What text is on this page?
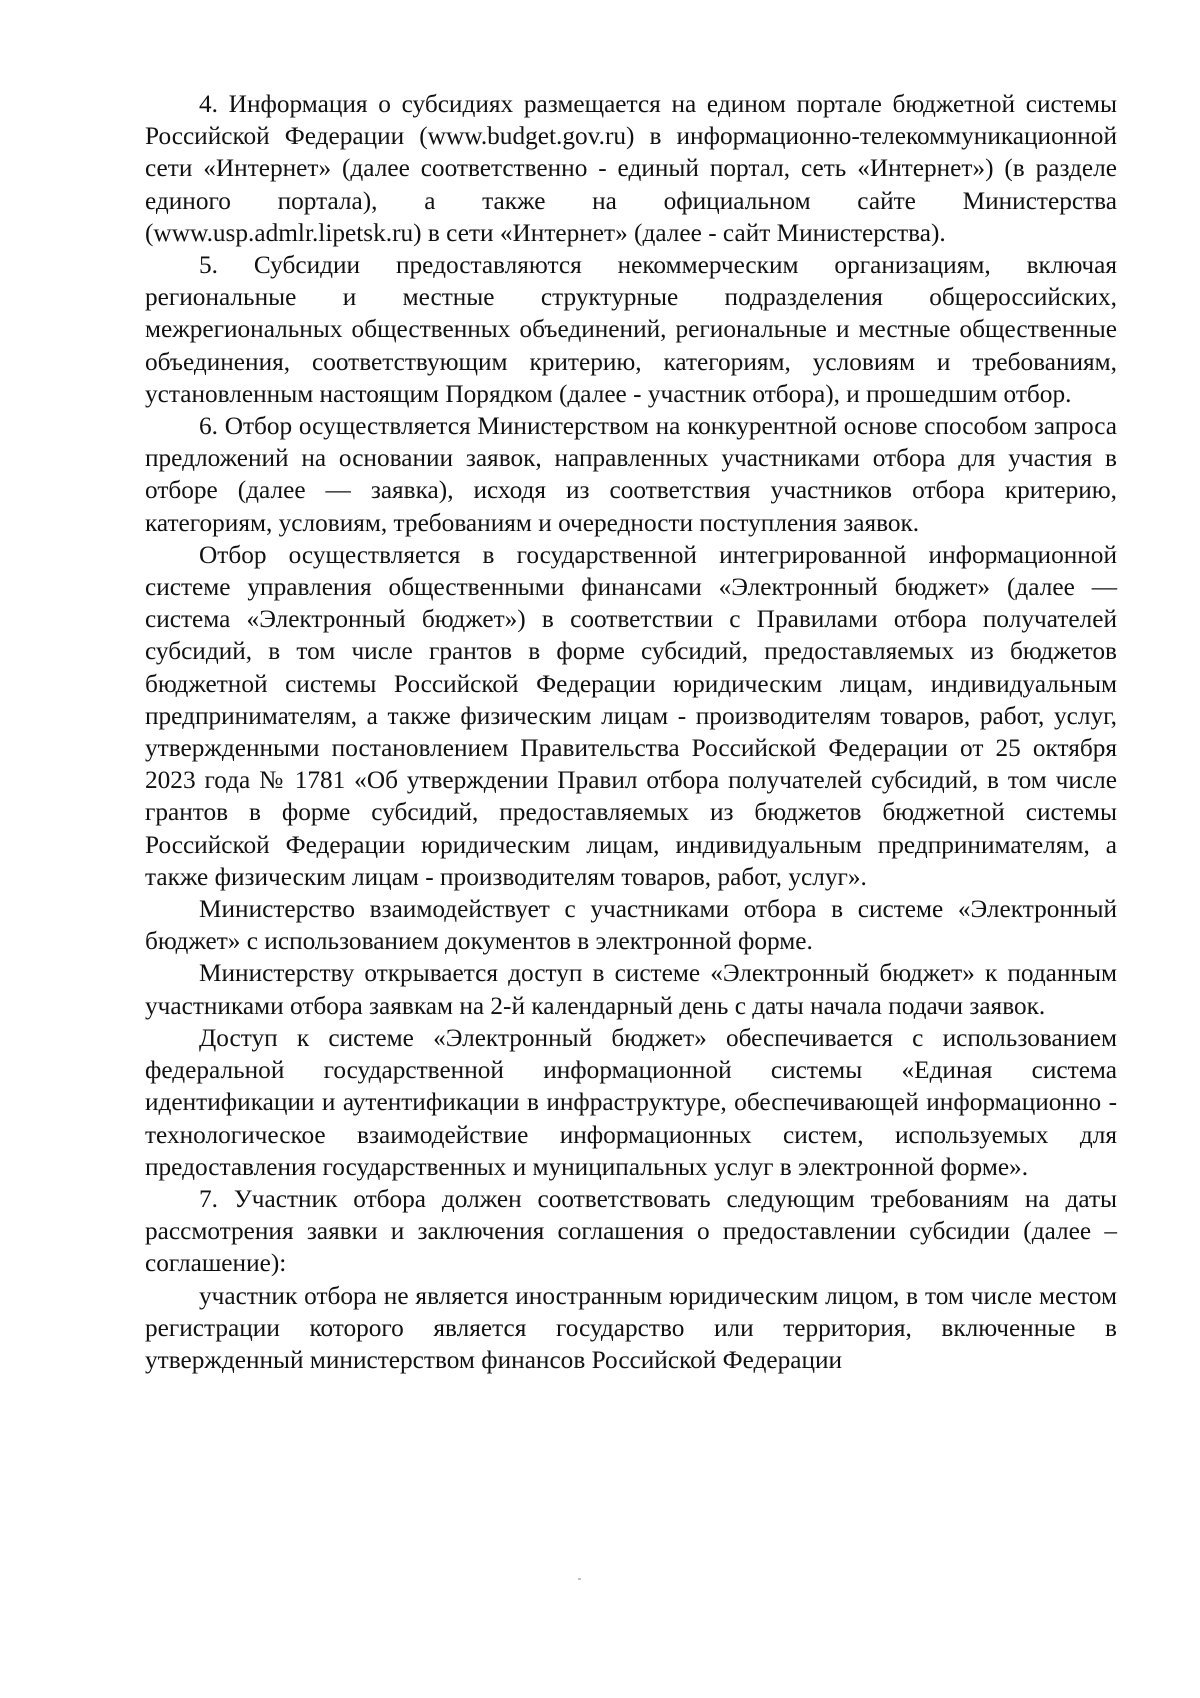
4. Информация о субсидиях размещается на едином портале бюджетной системы Российской Федерации (www.budget.gov.ru) в информационно-телекоммуникационной сети «Интернет» (далее соответственно - единый портал, сеть «Интернет») (в разделе единого портала), а также на официальном сайте Министерства (www.usp.admlr.lipetsk.ru) в сети «Интернет» (далее - сайт Министерства).

5. Субсидии предоставляются некоммерческим организациям, включая региональные и местные структурные подразделения общероссийских, межрегиональных общественных объединений, региональные и местные общественные объединения, соответствующим критерию, категориям, условиям и требованиям, установленным настоящим Порядком (далее - участник отбора), и прошедшим отбор.

6. Отбор осуществляется Министерством на конкурентной основе способом запроса предложений на основании заявок, направленных участниками отбора для участия в отборе (далее — заявка), исходя из соответствия участников отбора критерию, категориям, условиям, требованиям и очередности поступления заявок.

Отбор осуществляется в государственной интегрированной информационной системе управления общественными финансами «Электронный бюджет» (далее — система «Электронный бюджет») в соответствии с Правилами отбора получателей субсидий, в том числе грантов в форме субсидий, предоставляемых из бюджетов бюджетной системы Российской Федерации юридическим лицам, индивидуальным предпринимателям, а также физическим лицам - производителям товаров, работ, услуг, утвержденными постановлением Правительства Российской Федерации от 25 октября 2023 года № 1781 «Об утверждении Правил отбора получателей субсидий, в том числе грантов в форме субсидий, предоставляемых из бюджетов бюджетной системы Российской Федерации юридическим лицам, индивидуальным предпринимателям, а также физическим лицам - производителям товаров, работ, услуг».

Министерство взаимодействует с участниками отбора в системе «Электронный бюджет» с использованием документов в электронной форме.

Министерству открывается доступ в системе «Электронный бюджет» к поданным участниками отбора заявкам на 2-й календарный день с даты начала подачи заявок.

Доступ к системе «Электронный бюджет» обеспечивается с использованием федеральной государственной информационной системы «Единая система идентификации и аутентификации в инфраструктуре, обеспечивающей информационно - технологическое взаимодействие информационных систем, используемых для предоставления государственных и муниципальных услуг в электронной форме».

7. Участник отбора должен соответствовать следующим требованиям на даты рассмотрения заявки и заключения соглашения о предоставлении субсидии (далее – соглашение):

участник отбора не является иностранным юридическим лицом, в том числе местом регистрации которого является государство или территория, включенные в утвержденный министерством финансов Российской Федерации
